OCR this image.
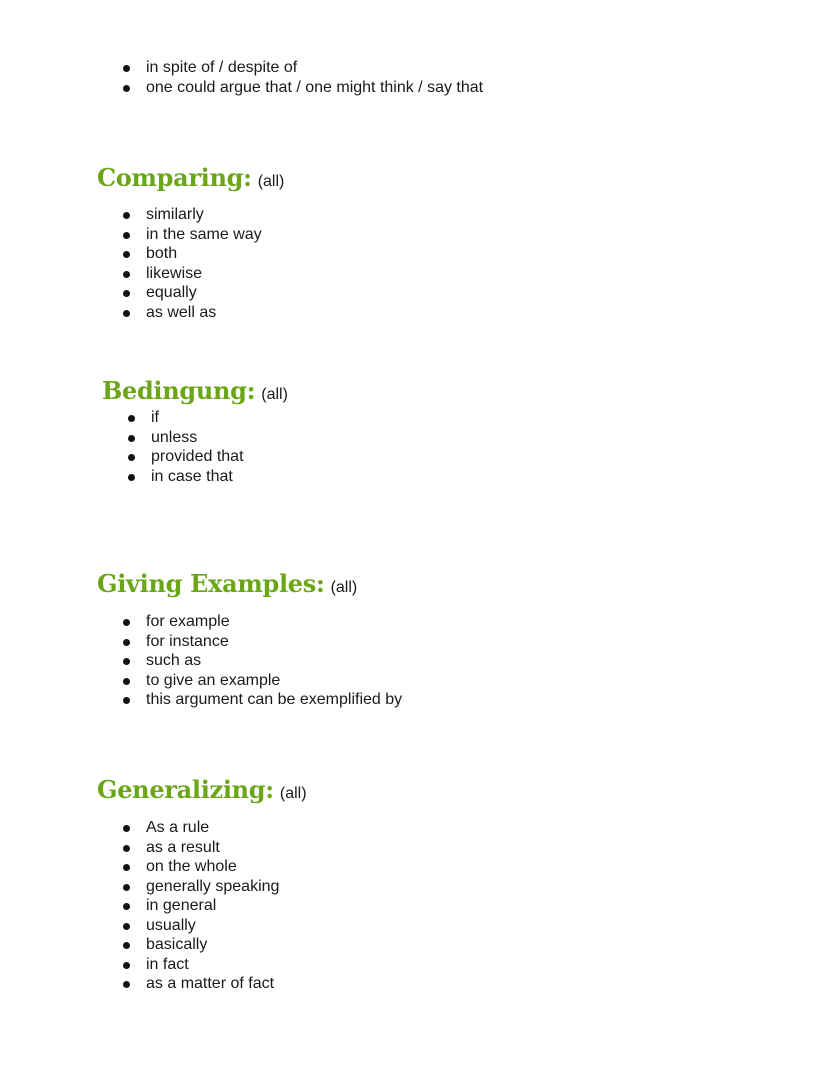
in spite of / despite of
one could argue that / one might think / say that
Comparing: (all)
similarly
in the same way
both
likewise
equally
as well as
Bedingung: (all)
if
unless
provided that
in case that
Giving Examples: (all)
for example
for instance
such as
to give an example
this argument can be exemplified by
Generalizing: (all)
As a rule
as a result
on the whole
generally speaking
in general
usually
basically
in fact
as a matter of fact
